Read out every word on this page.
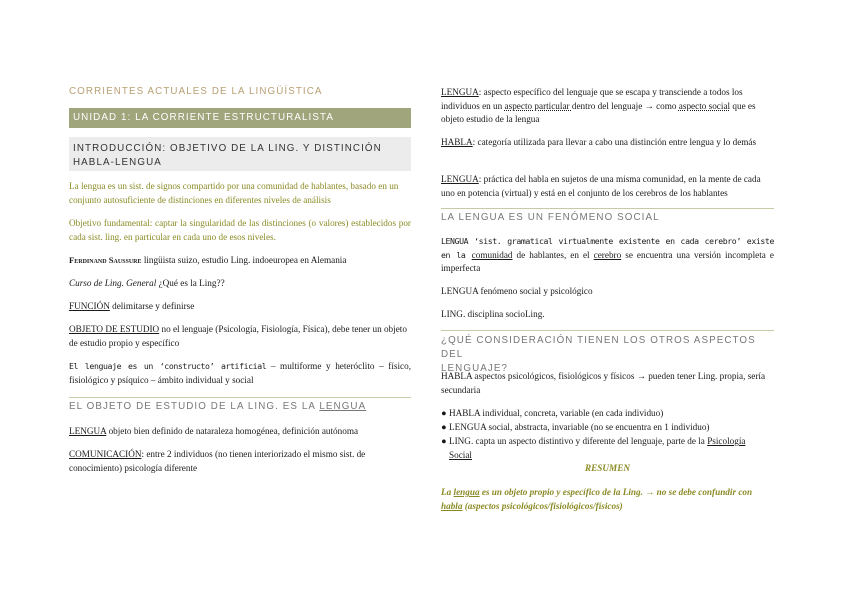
CORRIENTES ACTUALES DE LA LINGÜÍSTICA
UNIDAD 1: LA CORRIENTE ESTRUCTURALISTA
INTRODUCCIÓN: OBJETIVO DE LA LING. Y DISTINCIÓN
HABLA-LENGUA

La lengua es un sist. de signos compartido por una comunidad de hablantes, basado en un conjunto autosuficiente de distinciones en diferentes niveles de análisis

Objetivo fundamental: captar la singularidad de las distinciones (o valores) establecidos por cada sist. ling. en particular en cada uno de esos niveles.

Ferdinand Saussure lingüista suizo, estudio Ling. indoeuropea en Alemania

Curso de Ling. General ¿Qué es la Ling??

FUNCIÓN delimitarse y definirse

OBJETO DE ESTUDIO no el lenguaje (Psicología, Fisiología, Física), debe tener un objeto de estudio propio y específico

El lenguaje es un ‘constructo’ artificial – multiforme y heteróclito – físico, fisiológico y psíquico – ámbito individual y social

EL OBJETO DE ESTUDIO DE LA LING. ES LA LENGUA

LENGUA objeto bien definido de nataraleza homogénea, definición autónoma

COMUNICACIÓN: entre 2 individuos (no tienen interiorizado el mismo sist. de conocimiento) psicología diferente

LENGUA: aspecto específico del lenguaje que se escapa y transciende a todos los individuos en un aspecto particular dentro del lenguaje → como aspecto social que es objeto estudio de la lengua

HABLA: categoría utilizada para llevar a cabo una distinción entre lengua y lo demás

LENGUA: práctica del habla en sujetos de una misma comunidad, en la mente de cada uno en potencia (virtual) y está en el conjunto de los cerebros de los hablantes

LA LENGUA ES UN FENÓMENO SOCIAL

LENGUA ‘sist. gramatical virtualmente existente en cada cerebro’ existe en la comunidad de hablantes, en el cerebro se encuentra una versión incompleta e imperfecta

LENGUA fenómeno social y psicológico

LING. disciplina socioLing.

¿QUÉ CONSIDERACIÓN TIENEN LOS OTROS ASPECTOS DEL
LENGUAJE?

HABLA aspectos psicológicos, fisiológicos y físicos → pueden tener Ling. propia, sería secundaria

● HABLA individual, concreta, variable (en cada individuo)
● LENGUA social, abstracta, invariable (no se encuentra en 1 individuo)
● LING. capta un aspecto distintivo y diferente del lenguaje, parte de la Psicología
Social
RESUMEN

La lengua es un objeto propio y específico de la Ling. → no se debe confundir con habla (aspectos psicológicos/fisiológicos/físicos)
